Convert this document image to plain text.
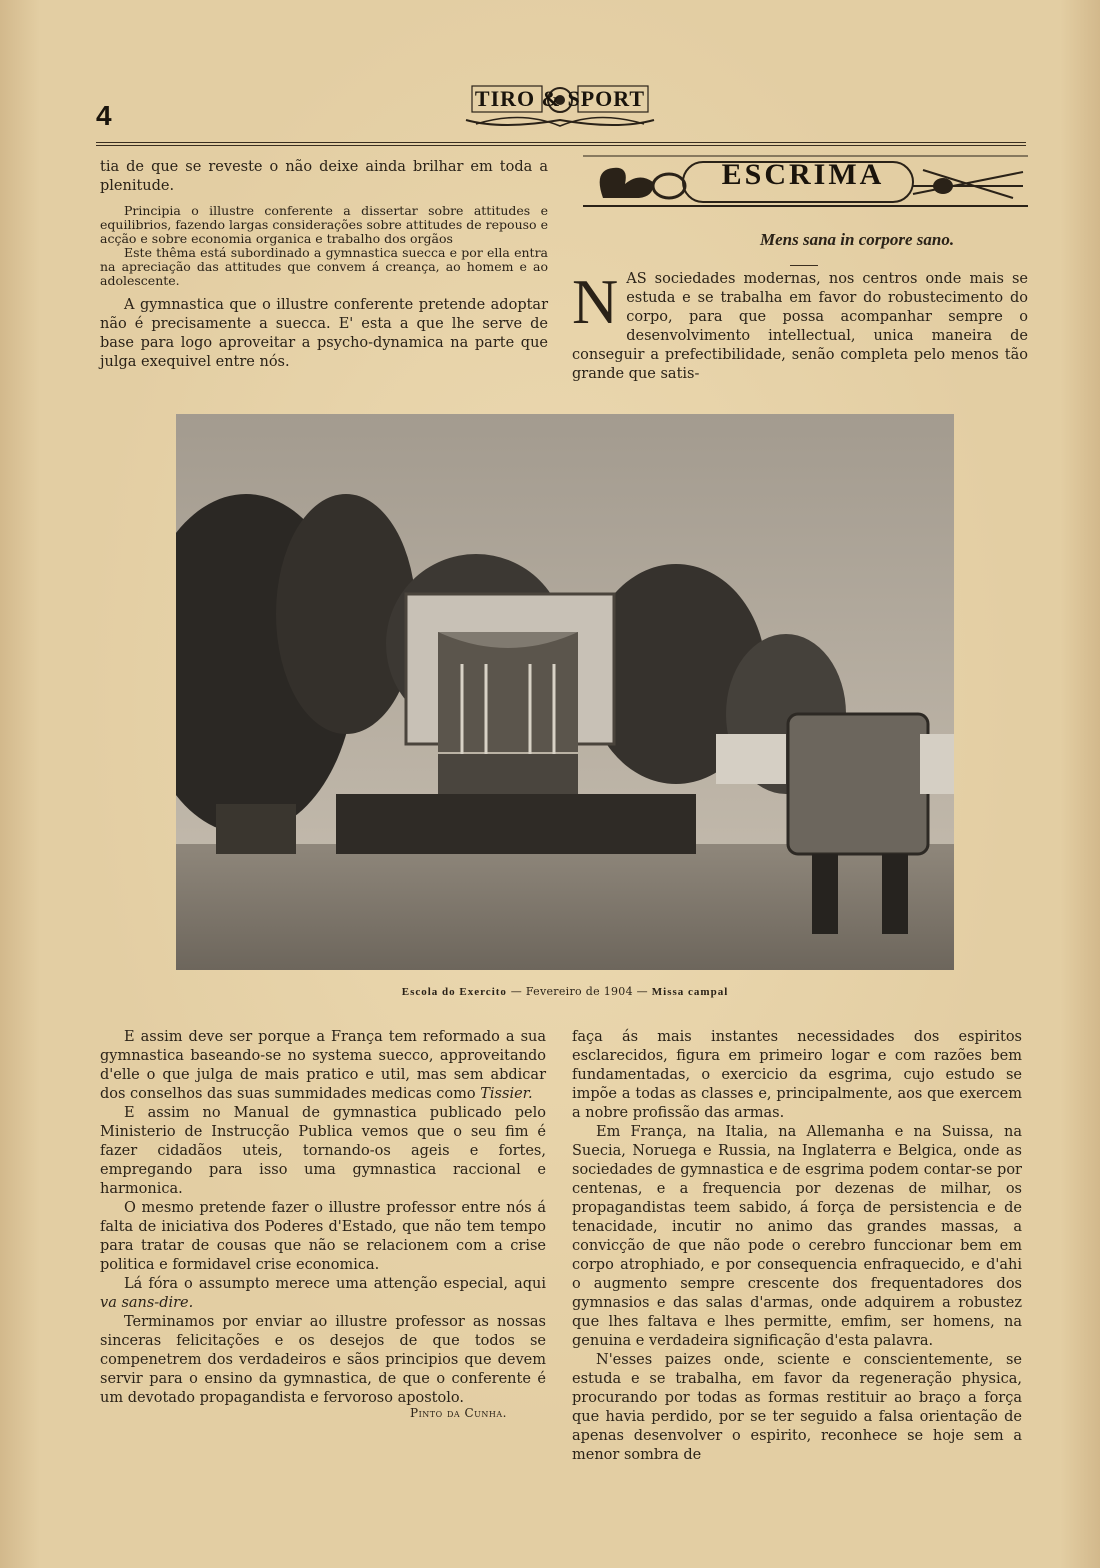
4
TIRO & SPORT

tia de que se reveste o não deixe ainda brilhar em toda a plenitude.

Principia o illustre conferente a dissertar sobre attitudes e equilibrios, fazendo largas considerações sobre attitudes de repouso e acção e sobre economia organica e trabalho dos orgãos

Este thêma está subordinado a gymnastica suecca e por ella entra na apreciação das attitudes que convem á creança, ao homem e ao adolescente.

A gymnastica que o illustre conferente pretende adoptar não é precisamente a suecca. E' esta a que lhe serve de base para logo aproveitar a psycho-dynamica na parte que julga exequivel entre nós.

ESCRIMA
Mens sana in corpore sano.

NAS sociedades modernas, nos centros onde mais se estuda e se trabalha em favor do robustecimento do corpo, para que possa acompanhar sempre o desenvolvimento intellectual, unica maneira de conseguir a prefectibilidade, senão completa pelo menos tão grande que satis-

Escola do Exercito — Fevereiro de 1904 — Missa campal

E assim deve ser porque a França tem reformado a sua gymnastica baseando-se no systema suecco, approveitando d'elle o que julga de mais pratico e util, mas sem abdicar dos conselhos das suas summidades medicas como Tissier.

E assim no Manual de gymnastica publicado pelo Ministerio de Instrucção Publica vemos que o seu fim é fazer cidadãos uteis, tornando-os ageis e fortes, empregando para isso uma gymnastica raccional e harmonica.

O mesmo pretende fazer o illustre professor entre nós á falta de iniciativa dos Poderes d'Estado, que não tem tempo para tratar de cousas que não se relacionem com a crise politica e formidavel crise economica.

Lá fóra o assumpto merece uma attenção especial, aqui va sans-dire.

Terminamos por enviar ao illustre professor as nossas sinceras felicitações e os desejos de que todos se compenetrem dos verdadeiros e sãos principios que devem servir para o ensino da gymnastica, de que o conferente é um devotado propagandista e fervoroso apostolo.

Pinto da Cunha.

faça ás mais instantes necessidades dos espiritos esclarecidos, figura em primeiro logar e com razões bem fundamentadas, o exercicio da esgrima, cujo estudo se impõe a todas as classes e, principalmente, aos que exercem a nobre profissão das armas.

Em França, na Italia, na Allemanha e na Suissa, na Suecia, Noruega e Russia, na Inglaterra e Belgica, onde as sociedades de gymnastica e de esgrima podem contar-se por centenas, e a frequencia por dezenas de milhar, os propagandistas teem sabido, á força de persistencia e de tenacidade, incutir no animo das grandes massas, a convicção de que não pode o cerebro funccionar bem em corpo atrophiado, e por consequencia enfraquecido, e d'ahi o augmento sempre crescente dos frequentadores dos gymnasios e das salas d'armas, onde adquirem a robustez que lhes faltava e lhes permitte, emfim, ser homens, na genuina e verdadeira significação d'esta palavra.

N'esses paizes onde, sciente e conscientemente, se estuda e se trabalha, em favor da regeneração physica, procurando por todas as formas restituir ao braço a força que havia perdido, por se ter seguido a falsa orientação de apenas desenvolver o espirito, reconhece se hoje sem a menor sombra de
